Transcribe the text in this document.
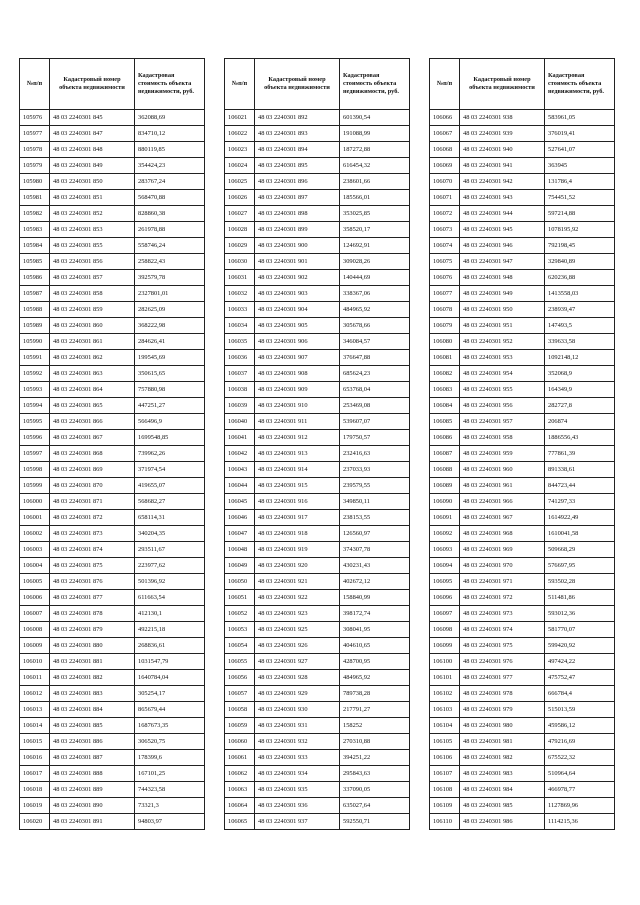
№п/п	Кадастровый номер объекта недвижимости	Кадастровая стоимость объекта недвижимости, руб.
105976	48 03 2240301 845	362088,69
105977	48 03 2240301 847	834710,12
105978	48 03 2240301 848	880119,85
105979	48 03 2240301 849	354424,23
105980	48 03 2240301 850	283767,24
105981	48 03 2240301 851	568470,88
105982	48 03 2240301 852	828860,38
105983	48 03 2240301 853	261978,88
105984	48 03 2240301 855	558746,24
105985	48 03 2240301 856	258822,43
105986	48 03 2240301 857	392579,78
105987	48 03 2240301 858	2327801,01
105988	48 03 2240301 859	282625,09
105989	48 03 2240301 860	368222,98
105990	48 03 2240301 861	284626,41
105991	48 03 2240301 862	199545,69
105992	48 03 2240301 863	350615,65
105993	48 03 2240301 864	757880,98
105994	48 03 2240301 865	447251,27
105995	48 03 2240301 866	566496,9
105996	48 03 2240301 867	1699548,85
105997	48 03 2240301 868	739962,26
105998	48 03 2240301 869	371974,54
105999	48 03 2240301 870	419655,07
106000	48 03 2240301 871	568682,27
106001	48 03 2240301 872	658114,31
106002	48 03 2240301 873	340204,35
106003	48 03 2240301 874	293511,67
106004	48 03 2240301 875	223977,62
106005	48 03 2240301 876	501396,92
106006	48 03 2240301 877	611663,54
106007	48 03 2240301 878	412130,1
106008	48 03 2240301 879	492215,18
106009	48 03 2240301 880	268836,61
106010	48 03 2240301 881	1031547,79
106011	48 03 2240301 882	1640784,04
106012	48 03 2240301 883	305254,17
106013	48 03 2240301 884	865679,44
106014	48 03 2240301 885	1687673,35
106015	48 03 2240301 886	306520,75
106016	48 03 2240301 887	178399,6
106017	48 03 2240301 888	167101,25
106018	48 03 2240301 889	744323,58
106019	48 03 2240301 890	73321,3
106020	48 03 2240301 891	94803,97
№п/п	Кадастровый номер объекта недвижимости	Кадастровая стоимость объекта недвижимости, руб.
106021	48 03 2240301 892	601390,54
106022	48 03 2240301 893	191088,99
106023	48 03 2240301 894	187272,88
106024	48 03 2240301 895	616454,32
106025	48 03 2240301 896	238601,66
106026	48 03 2240301 897	185566,01
106027	48 03 2240301 898	353025,85
106028	48 03 2240301 899	358520,17
106029	48 03 2240301 900	124692,91
106030	48 03 2240301 901	309028,26
106031	48 03 2240301 902	140444,69
106032	48 03 2240301 903	338367,06
106033	48 03 2240301 904	484965,92
106034	48 03 2240301 905	305678,66
106035	48 03 2240301 906	346084,57
106036	48 03 2240301 907	376647,88
106037	48 03 2240301 908	685624,23
106038	48 03 2240301 909	653768,04
106039	48 03 2240301 910	253469,08
106040	48 03 2240301 911	539607,07
106041	48 03 2240301 912	179750,57
106042	48 03 2240301 913	232416,63
106043	48 03 2240301 914	237033,93
106044	48 03 2240301 915	239579,55
106045	48 03 2240301 916	349850,11
106046	48 03 2240301 917	238153,55
106047	48 03 2240301 918	126560,97
106048	48 03 2240301 919	374307,78
106049	48 03 2240301 920	430231,43
106050	48 03 2240301 921	402672,12
106051	48 03 2240301 922	158840,99
106052	48 03 2240301 923	398172,74
106053	48 03 2240301 925	308041,95
106054	48 03 2240301 926	404610,65
106055	48 03 2240301 927	428700,95
106056	48 03 2240301 928	484965,92
106057	48 03 2240301 929	789738,28
106058	48 03 2240301 930	217791,27
106059	48 03 2240301 931	158252
106060	48 03 2240301 932	270310,88
106061	48 03 2240301 933	394251,22
106062	48 03 2240301 934	295843,63
106063	48 03 2240301 935	337090,05
106064	48 03 2240301 936	635027,64
106065	48 03 2240301 937	592550,71
№п/п	Кадастровый номер объекта недвижимости	Кадастровая стоимость объекта недвижимости, руб.
106066	48 03 2240301 938	583961,05
106067	48 03 2240301 939	376019,41
106068	48 03 2240301 940	527641,07
106069	48 03 2240301 941	363945
106070	48 03 2240301 942	131786,4
106071	48 03 2240301 943	754451,52
106072	48 03 2240301 944	597214,88
106073	48 03 2240301 945	1078195,92
106074	48 03 2240301 946	792198,45
106075	48 03 2240301 947	329840,89
106076	48 03 2240301 948	620236,88
106077	48 03 2240301 949	1413558,03
106078	48 03 2240301 950	238939,47
106079	48 03 2240301 951	147493,5
106080	48 03 2240301 952	339633,58
106081	48 03 2240301 953	1092148,12
106082	48 03 2240301 954	352068,9
106083	48 03 2240301 955	164349,9
106084	48 03 2240301 956	282727,8
106085	48 03 2240301 957	206874
106086	48 03 2240301 958	1886556,43
106087	48 03 2240301 959	777861,39
106088	48 03 2240301 960	891338,61
106089	48 03 2240301 961	844723,44
106090	48 03 2240301 966	741297,33
106091	48 03 2240301 967	1614922,49
106092	48 03 2240301 968	1610041,58
106093	48 03 2240301 969	509668,29
106094	48 03 2240301 970	576697,95
106095	48 03 2240301 971	593502,28
106096	48 03 2240301 972	511481,86
106097	48 03 2240301 973	593012,36
106098	48 03 2240301 974	581770,07
106099	48 03 2240301 975	599420,92
106100	48 03 2240301 976	497424,22
106101	48 03 2240301 977	475752,47
106102	48 03 2240301 978	666784,4
106103	48 03 2240301 979	515013,59
106104	48 03 2240301 980	459586,12
106105	48 03 2240301 981	479216,69
106106	48 03 2240301 982	675522,32
106107	48 03 2240301 983	510964,64
106108	48 03 2240301 984	466978,77
106109	48 03 2240301 985	1127869,96
106110	48 03 2240301 986	1114215,36
